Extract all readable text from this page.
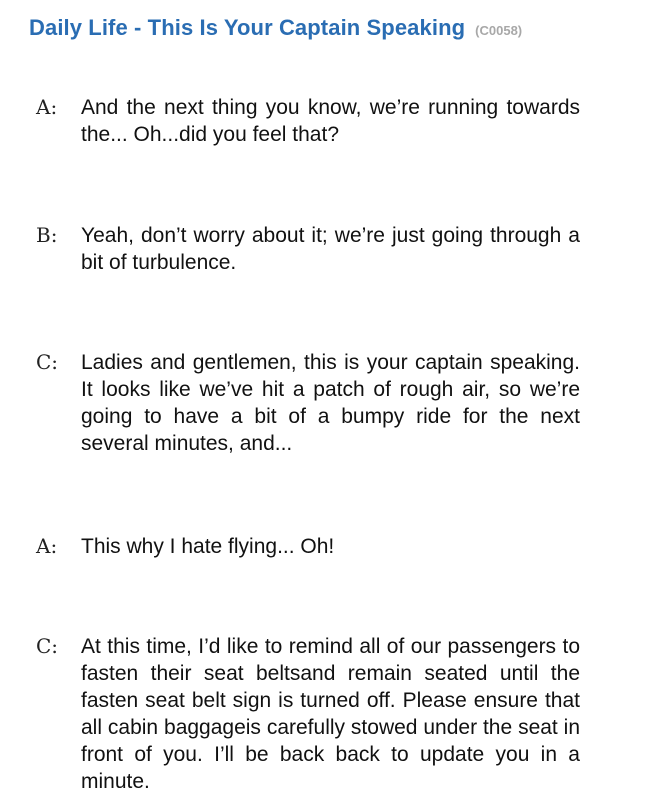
Daily Life - This Is Your Captain Speaking (C0058)
A: And the next thing you know, we’re running towards the... Oh...did you feel that?
B: Yeah, don’t worry about it; we’re just going through a bit of turbulence.
C: Ladies and gentlemen, this is your captain speaking. It looks like we’ve hit a patch of rough air, so we’re going to have a bit of a bumpy ride for the next several minutes, and...
A: This why I hate flying... Oh!
C: At this time, I’d like to remind all of our passengers to fasten their seat beltsand remain seated until the fasten seat belt sign is turned off. Please ensure that all cabin baggageis carefully stowed under the seat in front of you. I’ll be back back to update you in a minute.
